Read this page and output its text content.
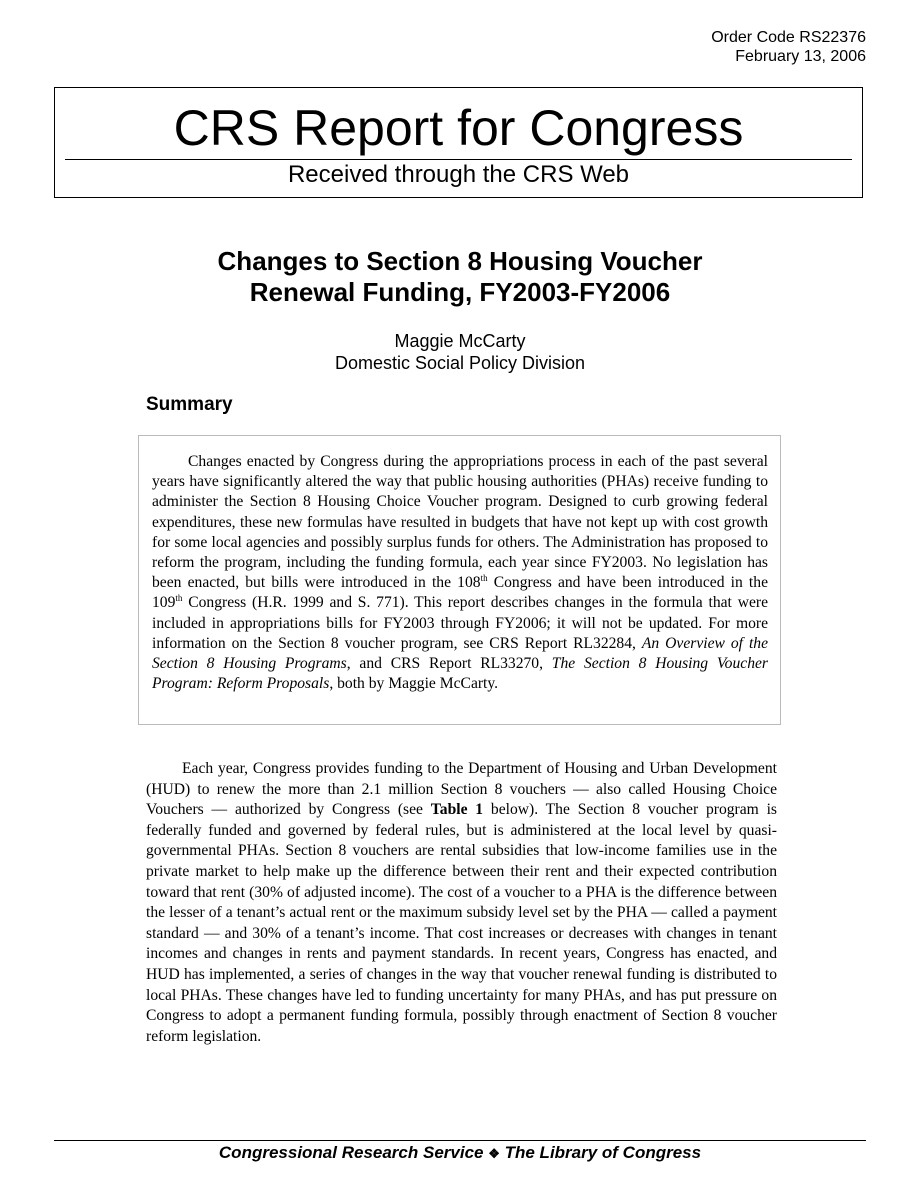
Order Code RS22376
February 13, 2006
CRS Report for Congress
Received through the CRS Web
Changes to Section 8 Housing Voucher
Renewal Funding, FY2003-FY2006
Maggie McCarty
Domestic Social Policy Division
Summary

Changes enacted by Congress during the appropriations process in each of the past several years have significantly altered the way that public housing authorities (PHAs) receive funding to administer the Section 8 Housing Choice Voucher program. Designed to curb growing federal expenditures, these new formulas have resulted in budgets that have not kept up with cost growth for some local agencies and possibly surplus funds for others. The Administration has proposed to reform the program, including the funding formula, each year since FY2003. No legislation has been enacted, but bills were introduced in the 108th Congress and have been introduced in the 109th Congress (H.R. 1999 and S. 771). This report describes changes in the formula that were included in appropriations bills for FY2003 through FY2006; it will not be updated. For more information on the Section 8 voucher program, see CRS Report RL32284, An Overview of the Section 8 Housing Programs, and CRS Report RL33270, The Section 8 Housing Voucher Program: Reform Proposals, both by Maggie McCarty.

Each year, Congress provides funding to the Department of Housing and Urban Development (HUD) to renew the more than 2.1 million Section 8 vouchers — also called Housing Choice Vouchers — authorized by Congress (see Table 1 below). The Section 8 voucher program is federally funded and governed by federal rules, but is administered at the local level by quasi-governmental PHAs. Section 8 vouchers are rental subsidies that low-income families use in the private market to help make up the difference between their rent and their expected contribution toward that rent (30% of adjusted income). The cost of a voucher to a PHA is the difference between the lesser of a tenant’s actual rent or the maximum subsidy level set by the PHA — called a payment standard — and 30% of a tenant’s income. That cost increases or decreases with changes in tenant incomes and changes in rents and payment standards. In recent years, Congress has enacted, and HUD has implemented, a series of changes in the way that voucher renewal funding is distributed to local PHAs. These changes have led to funding uncertainty for many PHAs, and has put pressure on Congress to adopt a permanent funding formula, possibly through enactment of Section 8 voucher reform legislation.

Congressional Research Service ❖ The Library of Congress
